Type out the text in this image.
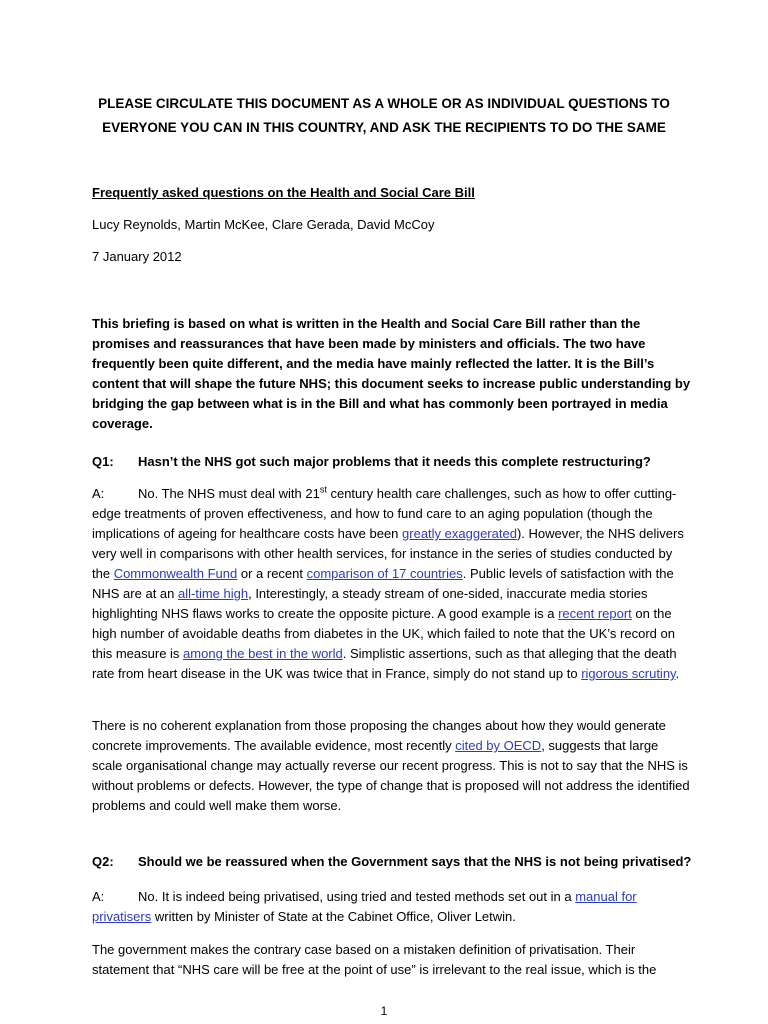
PLEASE CIRCULATE THIS DOCUMENT AS A WHOLE OR AS INDIVIDUAL QUESTIONS TO
EVERYONE YOU CAN IN THIS COUNTRY, AND ASK THE RECIPIENTS TO DO THE SAME
Frequently asked questions on the Health and Social Care Bill
Lucy Reynolds, Martin McKee, Clare Gerada, David McCoy
7 January 2012
This briefing is based on what is written in the Health and Social Care Bill rather than the promises and reassurances that have been made by ministers and officials. The two have frequently been quite different, and the media have mainly reflected the latter. It is the Bill’s content that will shape the future NHS; this document seeks to increase public understanding by bridging the gap between what is in the Bill and what has commonly been portrayed in media coverage.
Q1: Hasn’t the NHS got such major problems that it needs this complete restructuring?
A:	No. The NHS must deal with 21st century health care challenges, such as how to offer cutting-edge treatments of proven effectiveness, and how to fund care to an aging population (though the implications of ageing for healthcare costs have been greatly exaggerated). However, the NHS delivers very well in comparisons with other health services, for instance in the series of studies conducted by the Commonwealth Fund or a recent comparison of 17 countries. Public levels of satisfaction with the NHS are at an all-time high, Interestingly, a steady stream of one-sided, inaccurate media stories highlighting NHS flaws works to create the opposite picture. A good example is a recent report on the high number of avoidable deaths from diabetes in the UK, which failed to note that the UK’s record on this measure is among the best in the world. Simplistic assertions, such as that alleging that the death rate from heart disease in the UK was twice that in France, simply do not stand up to rigorous scrutiny.
There is no coherent explanation from those proposing the changes about how they would generate concrete improvements. The available evidence, most recently cited by OECD, suggests that large scale organisational change may actually reverse our recent progress. This is not to say that the NHS is without problems or defects. However, the type of change that is proposed will not address the identified problems and could well make them worse.
Q2: Should we be reassured when the Government says that the NHS is not being privatised?
A:	No. It is indeed being privatised, using tried and tested methods set out in a manual for privatisers written by Minister of State at the Cabinet Office, Oliver Letwin.
The government makes the contrary case based on a mistaken definition of privatisation. Their statement that “NHS care will be free at the point of use” is irrelevant to the real issue, which is the
1
